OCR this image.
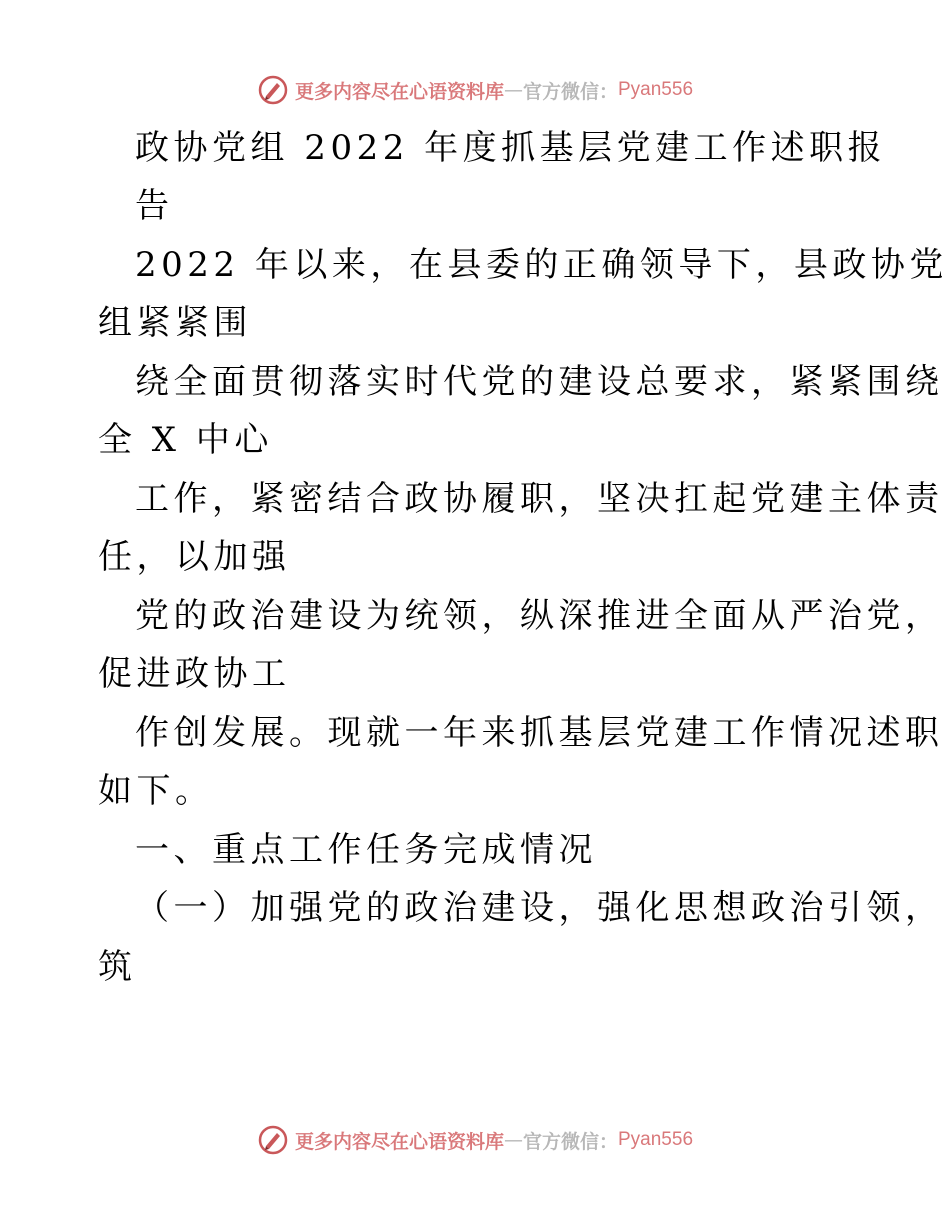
更多内容尽在心语资料库 — 官方微信： Pyan556
政协党组 2022 年度抓基层党建工作述职报
告
2022 年以来，在县委的正确领导下，县政协党
组紧紧围
绕全面贯彻落实时代党的建设总要求，紧紧围绕
全 X 中心
工作，紧密结合政协履职，坚决扛起党建主体责
任，以加强
党的政治建设为统领，纵深推进全面从严治党，
促进政协工
作创发展。现就一年来抓基层党建工作情况述职
如下。
一、重点工作任务完成情况
（一）加强党的政治建设，强化思想政治引领，
筑
更多内容尽在心语资料库 — 官方微信： Pyan556
